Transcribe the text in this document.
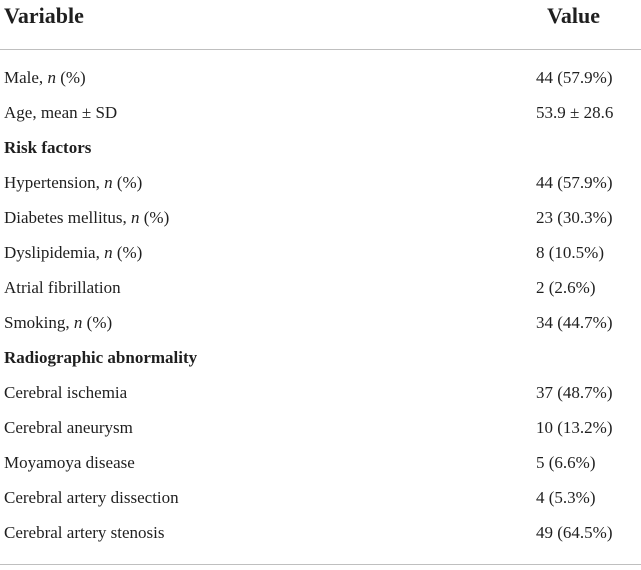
Variable	Value
Male, n (%)	44 (57.9%)
Age, mean ± SD	53.9 ± 28.6
Risk factors
Hypertension, n (%)	44 (57.9%)
Diabetes mellitus, n (%)	23 (30.3%)
Dyslipidemia, n (%)	8 (10.5%)
Atrial fibrillation	2 (2.6%)
Smoking, n (%)	34 (44.7%)
Radiographic abnormality
Cerebral ischemia	37 (48.7%)
Cerebral aneurysm	10 (13.2%)
Moyamoya disease	5 (6.6%)
Cerebral artery dissection	4 (5.3%)
Cerebral artery stenosis	49 (64.5%)
